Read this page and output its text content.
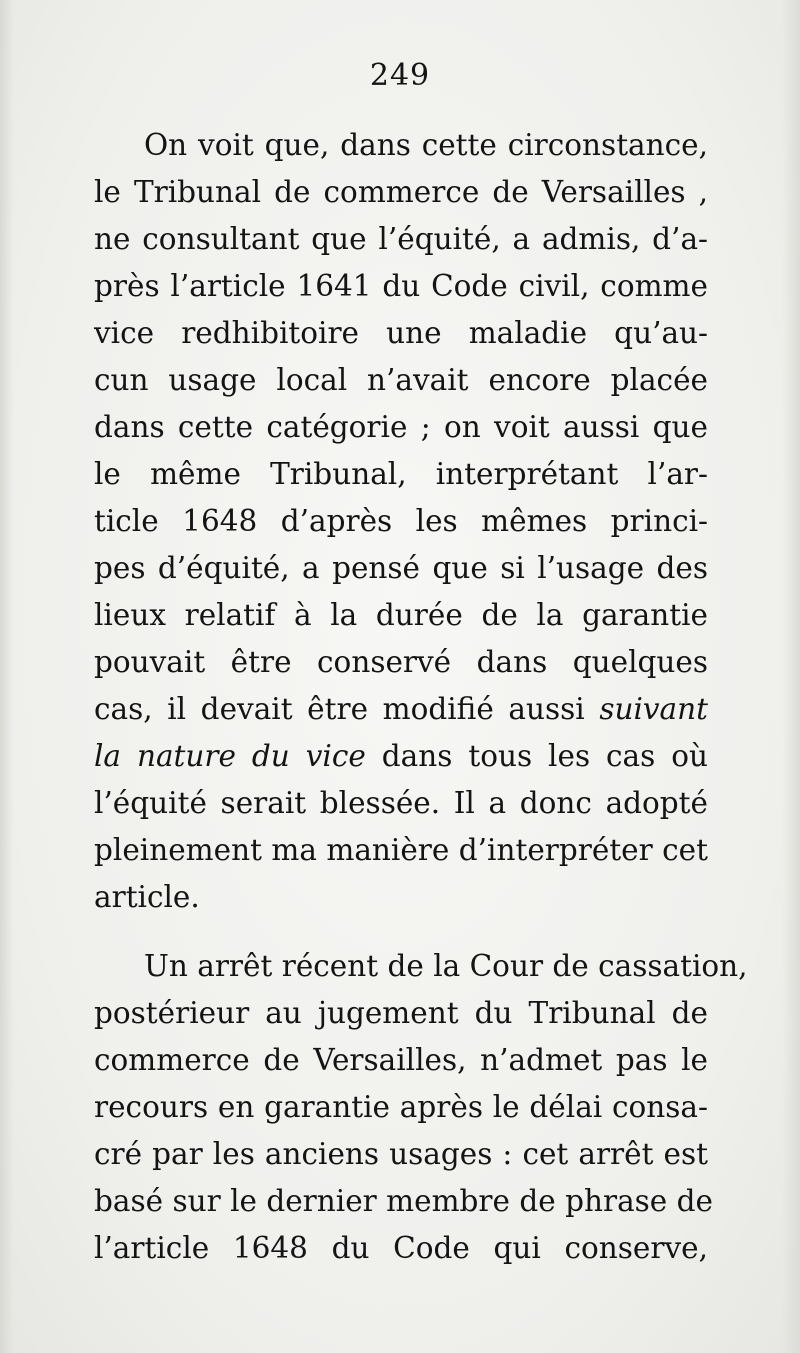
249
On voit que, dans cette circonstance,
le Tribunal de commerce de Versailles ,
ne consultant que l’équité, a admis, d’a-
près l’article 1641 du Code civil, comme
vice redhibitoire une maladie qu’au-
cun usage local n’avait encore placée
dans cette catégorie ; on voit aussi que
le même Tribunal, interprétant l’ar-
ticle 1648 d’après les mêmes princi-
pes d’équité, a pensé que si l’usage des
lieux relatif à la durée de la garantie
pouvait être conservé dans quelques
cas, il devait être modifié aussi suivant
la nature du vice dans tous les cas où
l’équité serait blessée. Il a donc adopté
pleinement ma manière d’interpréter cet
article.
Un arrêt récent de la Cour de cassation,
postérieur au jugement du Tribunal de
commerce de Versailles, n’admet pas le
recours en garantie après le délai consa-
cré par les anciens usages : cet arrêt est
basé sur le dernier membre de phrase de
l’article 1648 du Code qui conserve,
